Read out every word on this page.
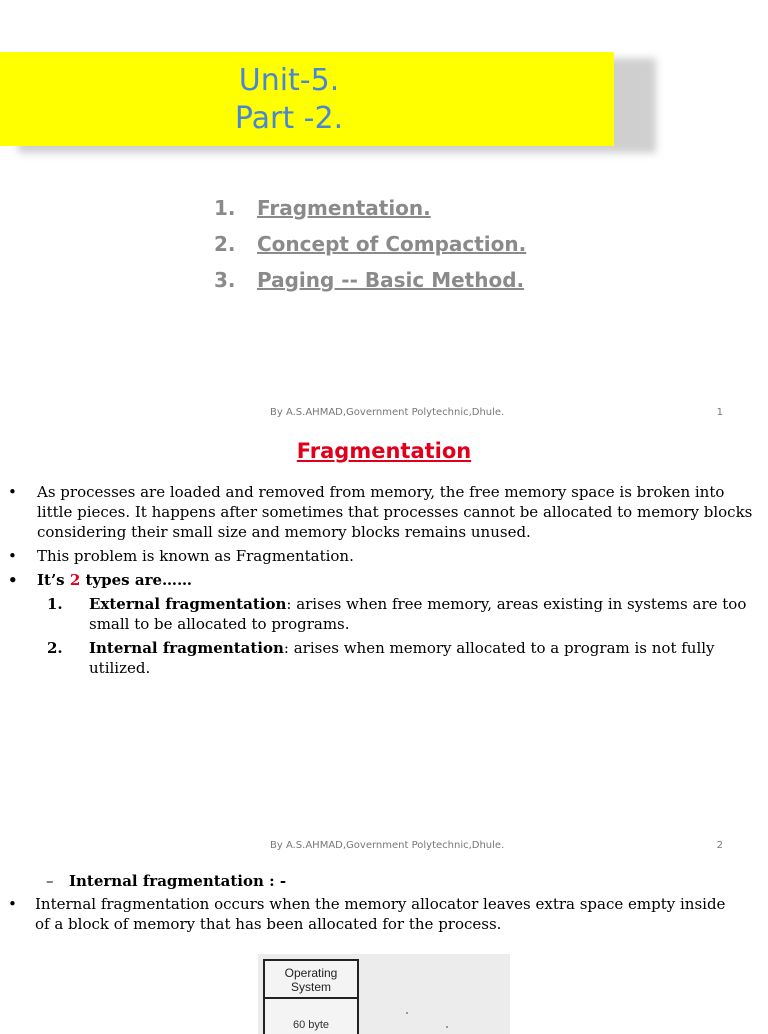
Unit-5.
Part -2.
1. Fragmentation.
2. Concept of Compaction.
3. Paging -- Basic Method.
By A.S.AHMAD,Government Polytechnic,Dhule.	1
Fragmentation
• As processes are loaded and removed from memory, the free memory space is broken into little pieces. It happens after sometimes that processes cannot be allocated to memory blocks considering their small size and memory blocks remains unused.
• This problem is known as Fragmentation.
• It’s 2 types are……
1. External fragmentation: arises when free memory, areas existing in systems are too small to be allocated to programs.
2. Internal fragmentation: arises when memory allocated to a program is not fully utilized.
By A.S.AHMAD,Government Polytechnic,Dhule.	2
– Internal fragmentation : -
• Internal fragmentation occurs when the memory allocator leaves extra space empty inside of a block of memory that has been allocated for the process.
Operating System
60 byte
